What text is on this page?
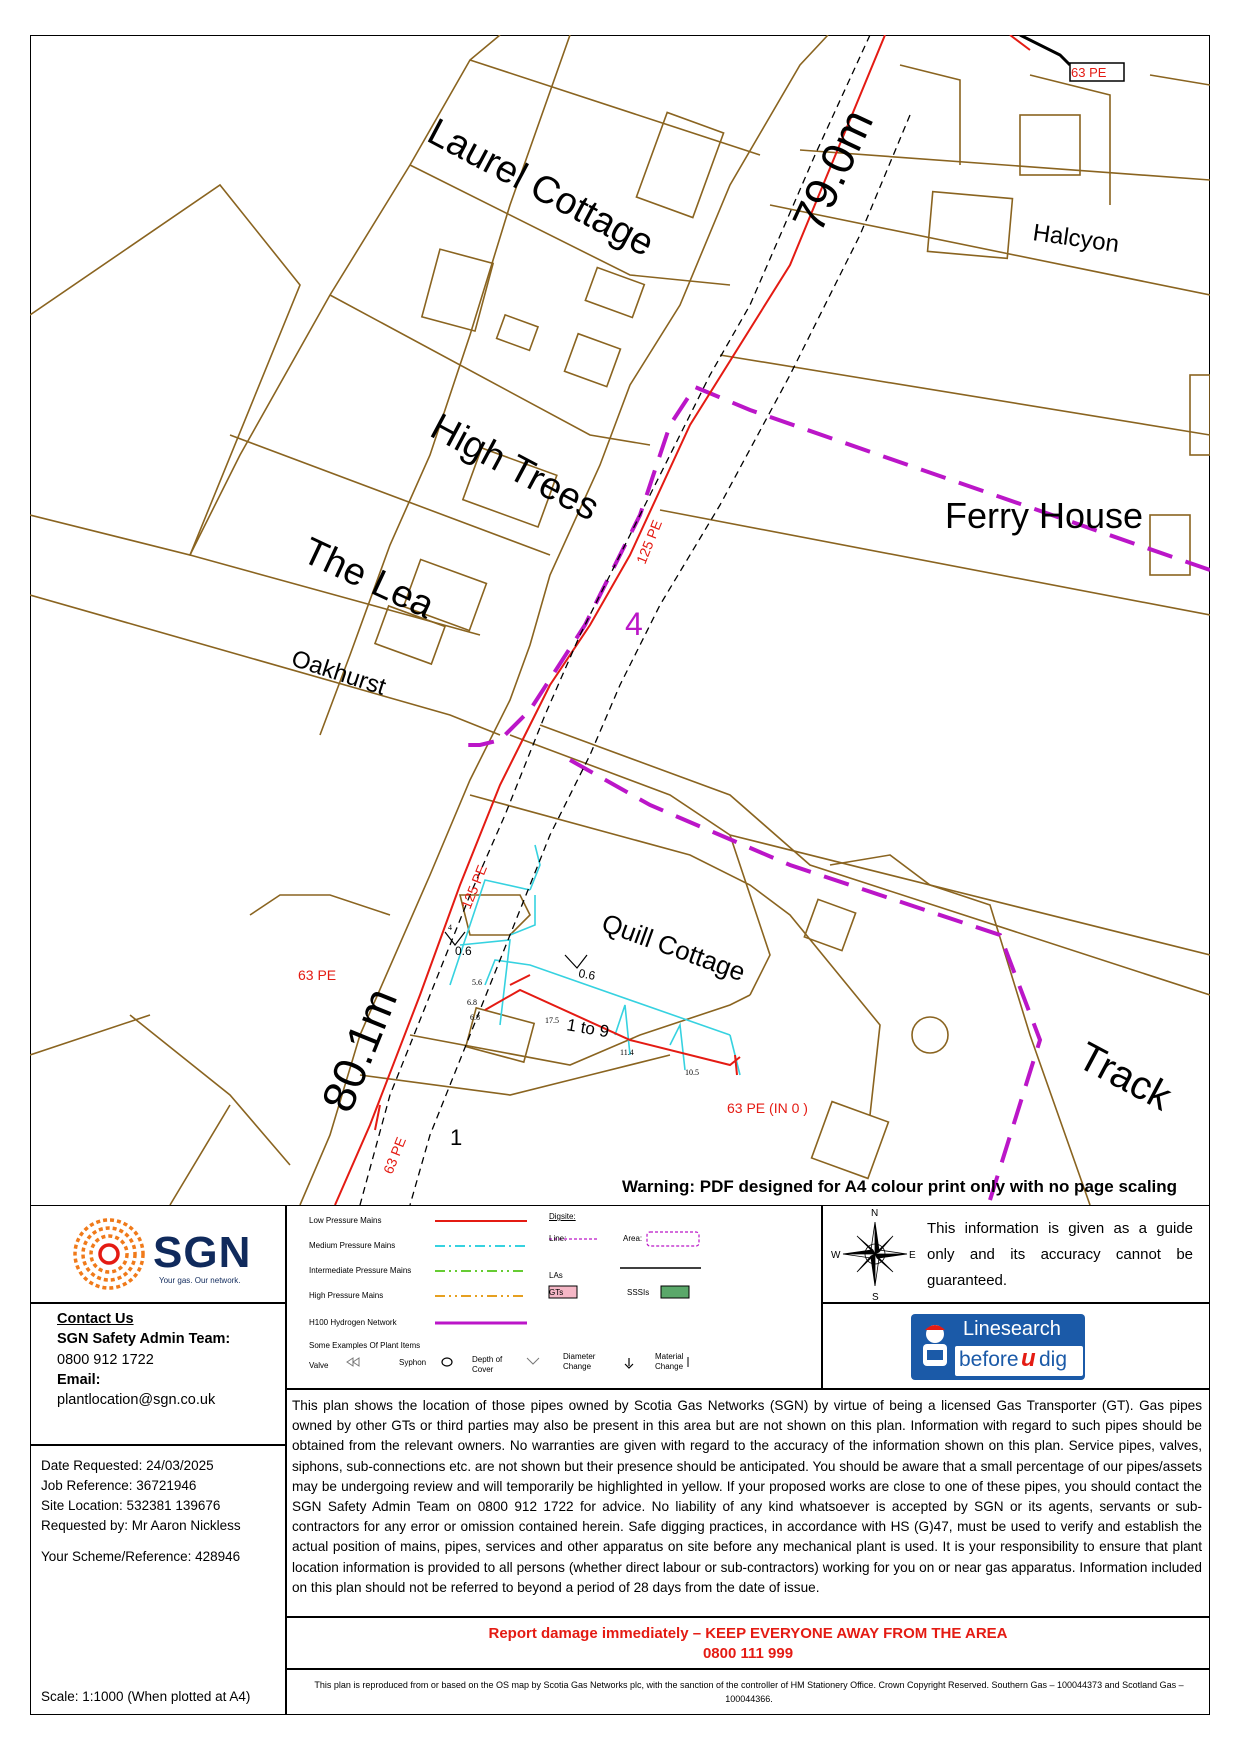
79.0m
80.1m
Laurel Cottage	Halcyon
High Trees	Ferry House
The Lea
Oakhurst
Quill Cottage
Track
1 to 9
1
63 PE
125 PE
125 PE
63 PE
63 PE (IN 0 )
63 PE
0.6
0.6
4
17.5
11.4
10.5
6.8
6.8
5.6
4
Warning: PDF designed for A4 colour print only with no page scaling
SGN
Your gas. Our network.
Contact Us
SGN Safety Admin Team:
0800 912 1722
Email:
plantlocation@sgn.co.uk
Date Requested: 24/03/2025
Job Reference: 36721946
Site Location: 532381 139676
Requested by: Mr Aaron Nickless
Your Scheme/Reference: 428946
Scale: 1:1000 (When plotted at A4)
Low Pressure Mains
Medium Pressure Mains
Intermediate Pressure Mains
High Pressure Mains
H100 Hydrogen Network
Digsite:
Line:	Area:
LAs
GTs	SSSIs
Some Examples Of Plant Items
Valve	Syphon	Depth of Cover
Diameter Change
Material Change
N
S
W	E
This information is given as a guide only and its accuracy cannot be guaranteed.
Linesearch
before u dig
This plan shows the location of those pipes owned by Scotia Gas Networks (SGN) by virtue of being a licensed Gas Transporter (GT). Gas pipes owned by other GTs or third parties may also be present in this area but are not shown on this plan. Information with regard to such pipes should be obtained from the relevant owners. No warranties are given with regard to the accuracy of the information shown on this plan. Service pipes, valves, siphons, sub-connections etc. are not shown but their presence should be anticipated. You should be aware that a small percentage of our pipes/assets may be undergoing review and will temporarily be highlighted in yellow. If your proposed works are close to one of these pipes, you should contact the SGN Safety Admin Team on 0800 912 1722 for advice. No liability of any kind whatsoever is accepted by SGN or its agents, servants or sub-contractors for any error or omission contained herein. Safe digging practices, in accordance with HS (G)47, must be used to verify and establish the actual position of mains, pipes, services and other apparatus on site before any mechanical plant is used. It is your responsibility to ensure that plant location information is provided to all persons (whether direct labour or sub-contractors) working for you on or near gas apparatus. Information included on this plan should not be referred to beyond a period of 28 days from the date of issue.
Report damage immediately – KEEP EVERYONE AWAY FROM THE AREA
0800 111 999
This plan is reproduced from or based on the OS map by Scotia Gas Networks plc, with the sanction of the controller of HM Stationery Office. Crown Copyright Reserved. Southern Gas – 100044373 and Scotland Gas – 100044366.
